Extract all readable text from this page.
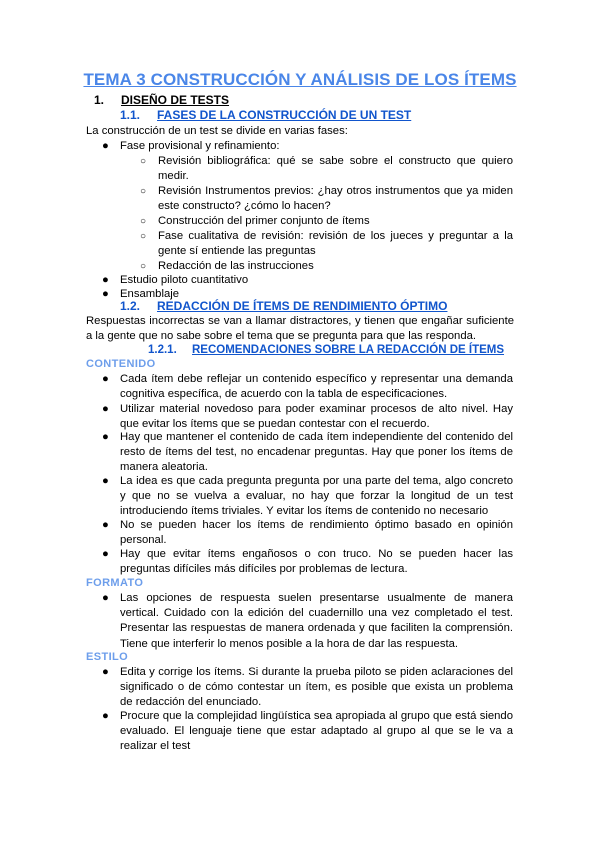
TEMA 3 CONSTRUCCIÓN Y ANÁLISIS DE LOS ÍTEMS
1. DISEÑO DE TESTS
1.1. FASES DE LA CONSTRUCCIÓN DE UN TEST
La construcción de un test se divide en varias fases:
● Fase provisional y refinamiento:
○	Revisión bibliográfica: qué se sabe sobre el constructo que quiero medir.
○	Revisión Instrumentos previos: ¿hay otros instrumentos que ya miden este constructo? ¿cómo lo hacen?
○	Construcción del primer conjunto de ítems
○	Fase cualitativa de revisión: revisión de los jueces y preguntar a la gente sí entiende las preguntas
○	Redacción de las instrucciones
● Estudio piloto cuantitativo
● Ensamblaje
1.2. REDACCIÓN DE ÍTEMS DE RENDIMIENTO ÓPTIMO
Respuestas incorrectas se van a llamar distractores, y tienen que engañar suficiente a la gente que no sabe sobre el tema que se pregunta para que las responda.
1.2.1. RECOMENDACIONES SOBRE LA REDACCIÓN DE ÍTEMS
CONTENIDO
● Cada ítem debe reflejar un contenido específico y representar una demanda cognitiva específica, de acuerdo con la tabla de especificaciones.
● Utilizar material novedoso para poder examinar procesos de alto nivel. Hay que evitar los ítems que se puedan contestar con el recuerdo.
● Hay que mantener el contenido de cada ítem independiente del contenido del resto de ítems del test, no encadenar preguntas. Hay que poner los ítems de manera aleatoria.
● La idea es que cada pregunta pregunta por una parte del tema, algo concreto y que no se vuelva a evaluar, no hay que forzar la longitud de un test introduciendo ítems triviales. Y evitar los ítems de contenido no necesario
● No se pueden hacer los ítems de rendimiento óptimo basado en opinión personal.
● Hay que evitar ítems engañosos o con truco. No se pueden hacer las preguntas difíciles más difíciles por problemas de lectura.
FORMATO
● Las opciones de respuesta suelen presentarse usualmente de manera vertical. Cuidado con la edición del cuadernillo una vez completado el test. Presentar las respuestas de manera ordenada y que faciliten la comprensión. Tiene que interferir lo menos posible a la hora de dar las respuesta.
ESTILO
● Edita y corrige los ítems. Si durante la prueba piloto se piden aclaraciones del significado o de cómo contestar un ítem, es posible que exista un problema de redacción del enunciado.
● Procure que la complejidad lingüística sea apropiada al grupo que está siendo evaluado. El lenguaje tiene que estar adaptado al grupo al que se le va a realizar el test
